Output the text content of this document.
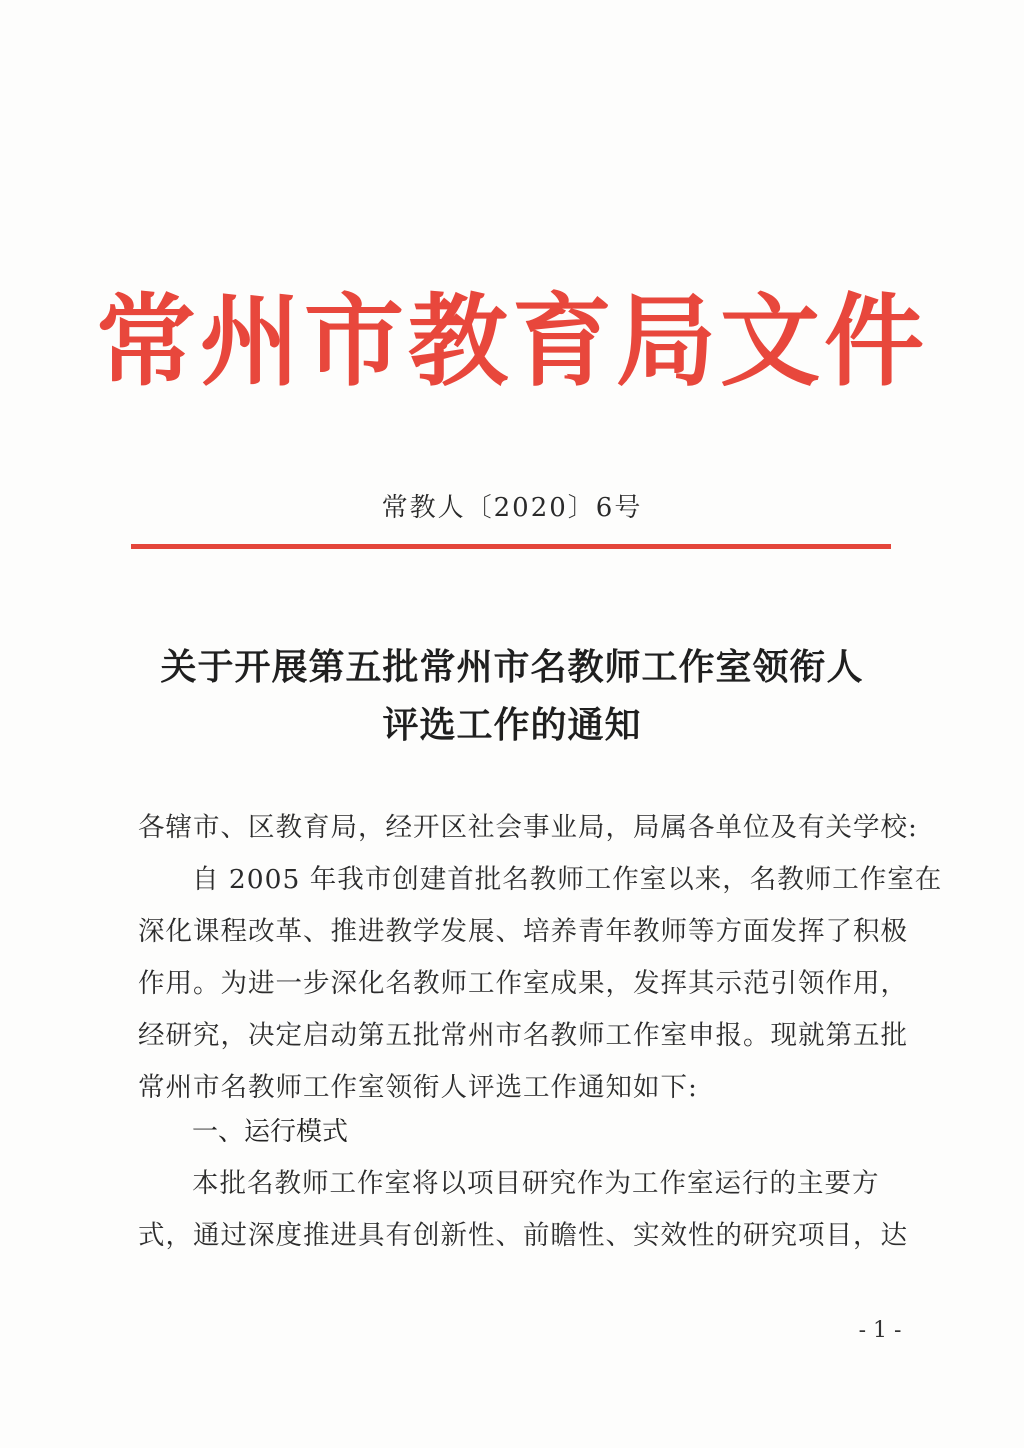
常州市教育局文件
常教人〔2020〕6号
关于开展第五批常州市名教师工作室领衔人
评选工作的通知
各辖市、区教育局，经开区社会事业局，局属各单位及有关学校:
自 2005 年我市创建首批名教师工作室以来，名教师工作室在
深化课程改革、推进教学发展、培养青年教师等方面发挥了积极
作用。为进一步深化名教师工作室成果，发挥其示范引领作用，
经研究，决定启动第五批常州市名教师工作室申报。现就第五批
常州市名教师工作室领衔人评选工作通知如下:
一、运行模式
本批名教师工作室将以项目研究作为工作室运行的主要方
式，通过深度推进具有创新性、前瞻性、实效性的研究项目，达
- 1 -
